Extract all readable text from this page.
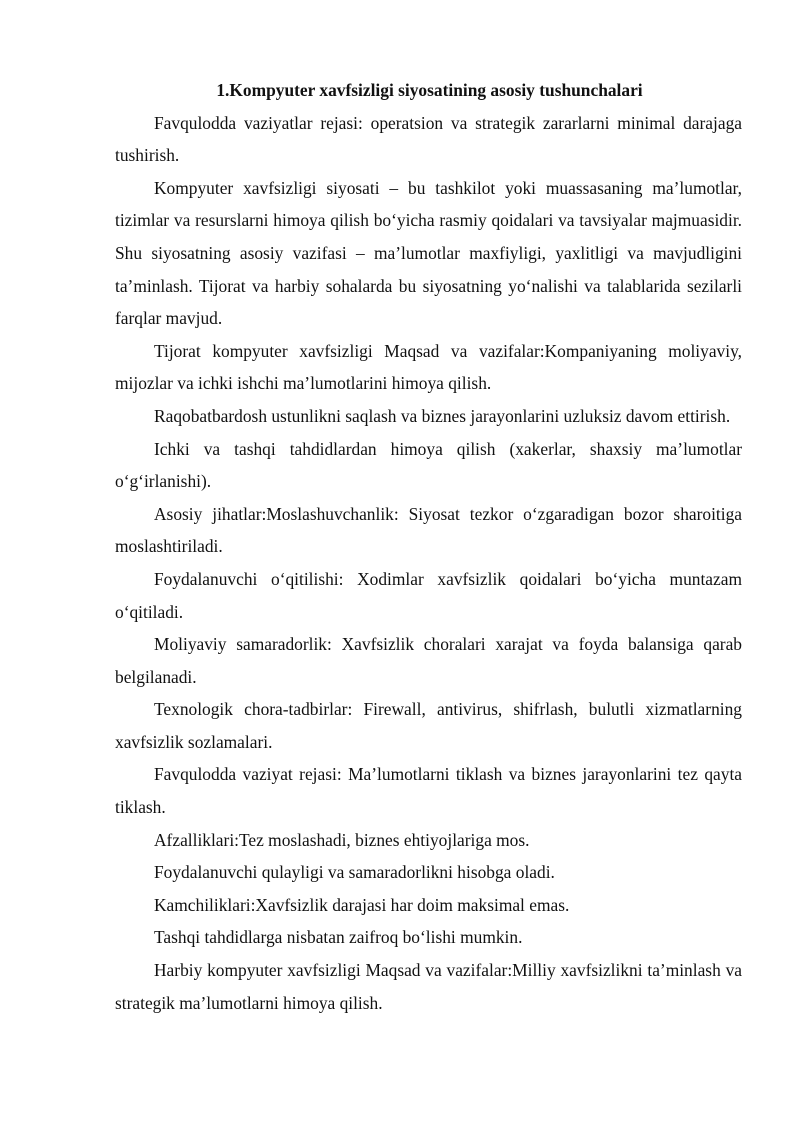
1.Kompyuter xavfsizligi siyosatining asosiy tushunchalari

Favqulodda vaziyatlar rejasi: operatsion va strategik zararlarni minimal darajaga tushirish.

Kompyuter xavfsizligi siyosati – bu tashkilot yoki muassasaning ma’lumotlar, tizimlar va resurslarni himoya qilish bo‘yicha rasmiy qoidalari va tavsiyalar majmuasidir. Shu siyosatning asosiy vazifasi – ma’lumotlar maxfiyligi, yaxlitligi va mavjudligini ta’minlash. Tijorat va harbiy sohalarda bu siyosatning yo‘nalishi va talablarida sezilarli farqlar mavjud.

Tijorat kompyuter xavfsizligi Maqsad va vazifalar:Kompaniyaning moliyaviy, mijozlar va ichki ishchi ma’lumotlarini himoya qilish.

Raqobatbardosh ustunlikni saqlash va biznes jarayonlarini uzluksiz davom ettirish.

Ichki va tashqi tahdidlardan himoya qilish (xakerlar, shaxsiy ma’lumotlar o‘g‘irlanishi).

Asosiy jihatlar:Moslashuvchanlik: Siyosat tezkor o‘zgaradigan bozor sharoitiga moslashtiriladi.

Foydalanuvchi o‘qitilishi: Xodimlar xavfsizlik qoidalari bo‘yicha muntazam o‘qitiladi.

Moliyaviy samaradorlik: Xavfsizlik choralari xarajat va foyda balansiga qarab belgilanadi.

Texnologik chora-tadbirlar: Firewall, antivirus, shifrlash, bulutli xizmatlarning xavfsizlik sozlamalari.

Favqulodda vaziyat rejasi: Ma’lumotlarni tiklash va biznes jarayonlarini tez qayta tiklash.

Afzalliklari:Tez moslashadi, biznes ehtiyojlariga mos.

Foydalanuvchi qulayligi va samaradorlikni hisobga oladi.

Kamchiliklari:Xavfsizlik darajasi har doim maksimal emas.

Tashqi tahdidlarga nisbatan zaifroq bo‘lishi mumkin.

Harbiy kompyuter xavfsizligi Maqsad va vazifalar:Milliy xavfsizlikni ta’minlash va strategik ma’lumotlarni himoya qilish.
